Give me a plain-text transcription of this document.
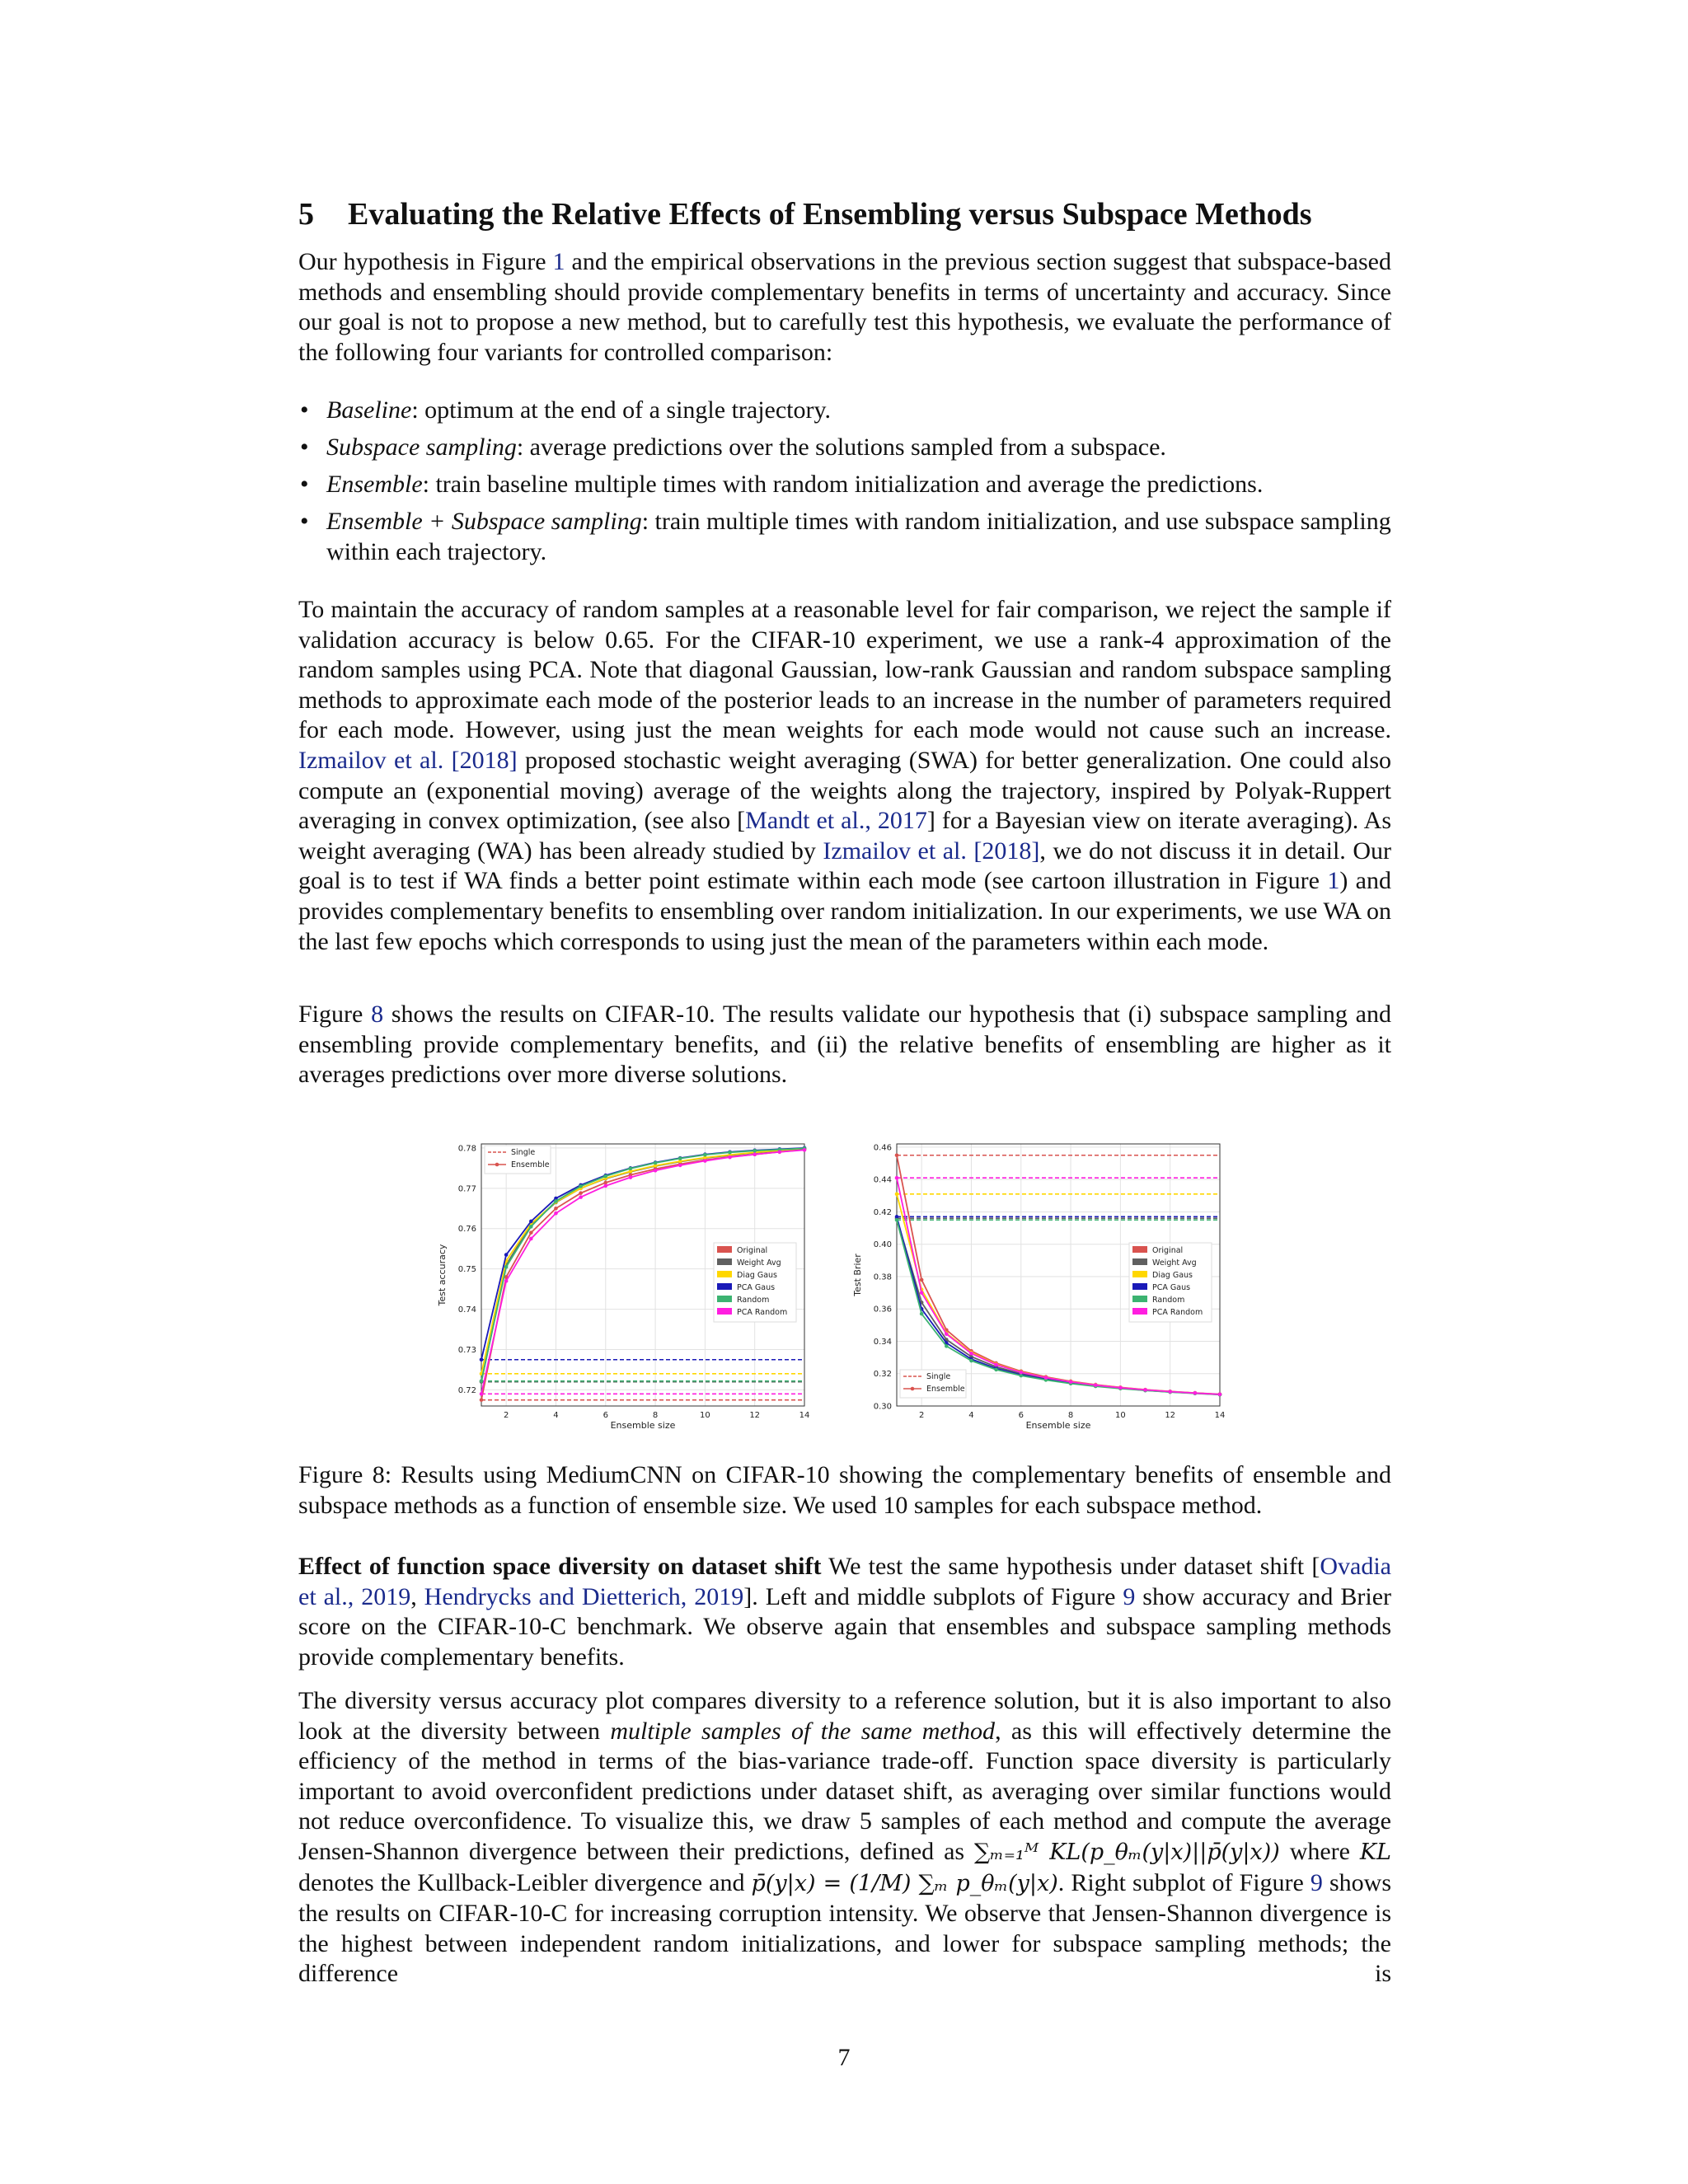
5 Evaluating the Relative Effects of Ensembling versus Subspace Methods

Our hypothesis in Figure 1 and the empirical observations in the previous section suggest that subspace-based methods and ensembling should provide complementary benefits in terms of uncertainty and accuracy. Since our goal is not to propose a new method, but to carefully test this hypothesis, we evaluate the performance of the following four variants for controlled comparison:

• Baseline: optimum at the end of a single trajectory.
• Subspace sampling: average predictions over the solutions sampled from a subspace.
• Ensemble: train baseline multiple times with random initialization and average the predictions.
• Ensemble + Subspace sampling: train multiple times with random initialization, and use subspace sampling within each trajectory.

To maintain the accuracy of random samples at a reasonable level for fair comparison, we reject the sample if validation accuracy is below 0.65. For the CIFAR-10 experiment, we use a rank-4 approximation of the random samples using PCA. Note that diagonal Gaussian, low-rank Gaussian and random subspace sampling methods to approximate each mode of the posterior leads to an increase in the number of parameters required for each mode. However, using just the mean weights for each mode would not cause such an increase. Izmailov et al. [2018] proposed stochastic weight averaging (SWA) for better generalization. One could also compute an (exponential moving) average of the weights along the trajectory, inspired by Polyak-Ruppert averaging in convex optimization, (see also [Mandt et al., 2017] for a Bayesian view on iterate averaging). As weight averaging (WA) has been already studied by Izmailov et al. [2018], we do not discuss it in detail. Our goal is to test if WA finds a better point estimate within each mode (see cartoon illustration in Figure 1) and provides complementary benefits to ensembling over random initialization. In our experiments, we use WA on the last few epochs which corresponds to using just the mean of the parameters within each mode.

Figure 8 shows the results on CIFAR-10. The results validate our hypothesis that (i) subspace sampling and ensembling provide complementary benefits, and (ii) the relative benefits of ensembling are higher as it averages predictions over more diverse solutions.

0.72
0.73
0.74
0.75
0.76
0.77
0.78
2	4	6	8	10	12	14
Ensemble size
Test accuracy	Original
Weight Avg
Diag Gaus
PCA Gaus
Random
PCA Random
Single
Ensemble
0.30
0.32
0.34
0.36
0.38
0.40
0.42
0.44
0.46
2	4	6	8	10	12	14
Ensemble size
Test Brier
Original
Weight Avg
Diag Gaus
PCA Gaus
Random
PCA Random
Single
Ensemble

Figure 8: Results using MediumCNN on CIFAR-10 showing the complementary benefits of ensemble and subspace methods as a function of ensemble size. We used 10 samples for each subspace method.

Effect of function space diversity on dataset shift We test the same hypothesis under dataset shift [Ovadia et al., 2019, Hendrycks and Dietterich, 2019]. Left and middle subplots of Figure 9 show accuracy and Brier score on the CIFAR-10-C benchmark. We observe again that ensembles and subspace sampling methods provide complementary benefits.

The diversity versus accuracy plot compares diversity to a reference solution, but it is also important to also look at the diversity between multiple samples of the same method, as this will effectively determine the efficiency of the method in terms of the bias-variance trade-off. Function space diversity is particularly important to avoid overconfident predictions under dataset shift, as averaging over similar functions would not reduce overconfidence. To visualize this, we draw 5 samples of each method and compute the average Jensen-Shannon divergence between their predictions, defined as ∑ₘ₌₁ᴹ KL(p_θₘ(y|x)||p̄(y|x)) where KL denotes the Kullback-Leibler divergence and p̄(y|x) = (1/M) ∑ₘ p_θₘ(y|x). Right subplot of Figure 9 shows the results on CIFAR-10-C for increasing corruption intensity. We observe that Jensen-Shannon divergence is the highest between independent random initializations, and lower for subspace sampling methods; the difference is

7
